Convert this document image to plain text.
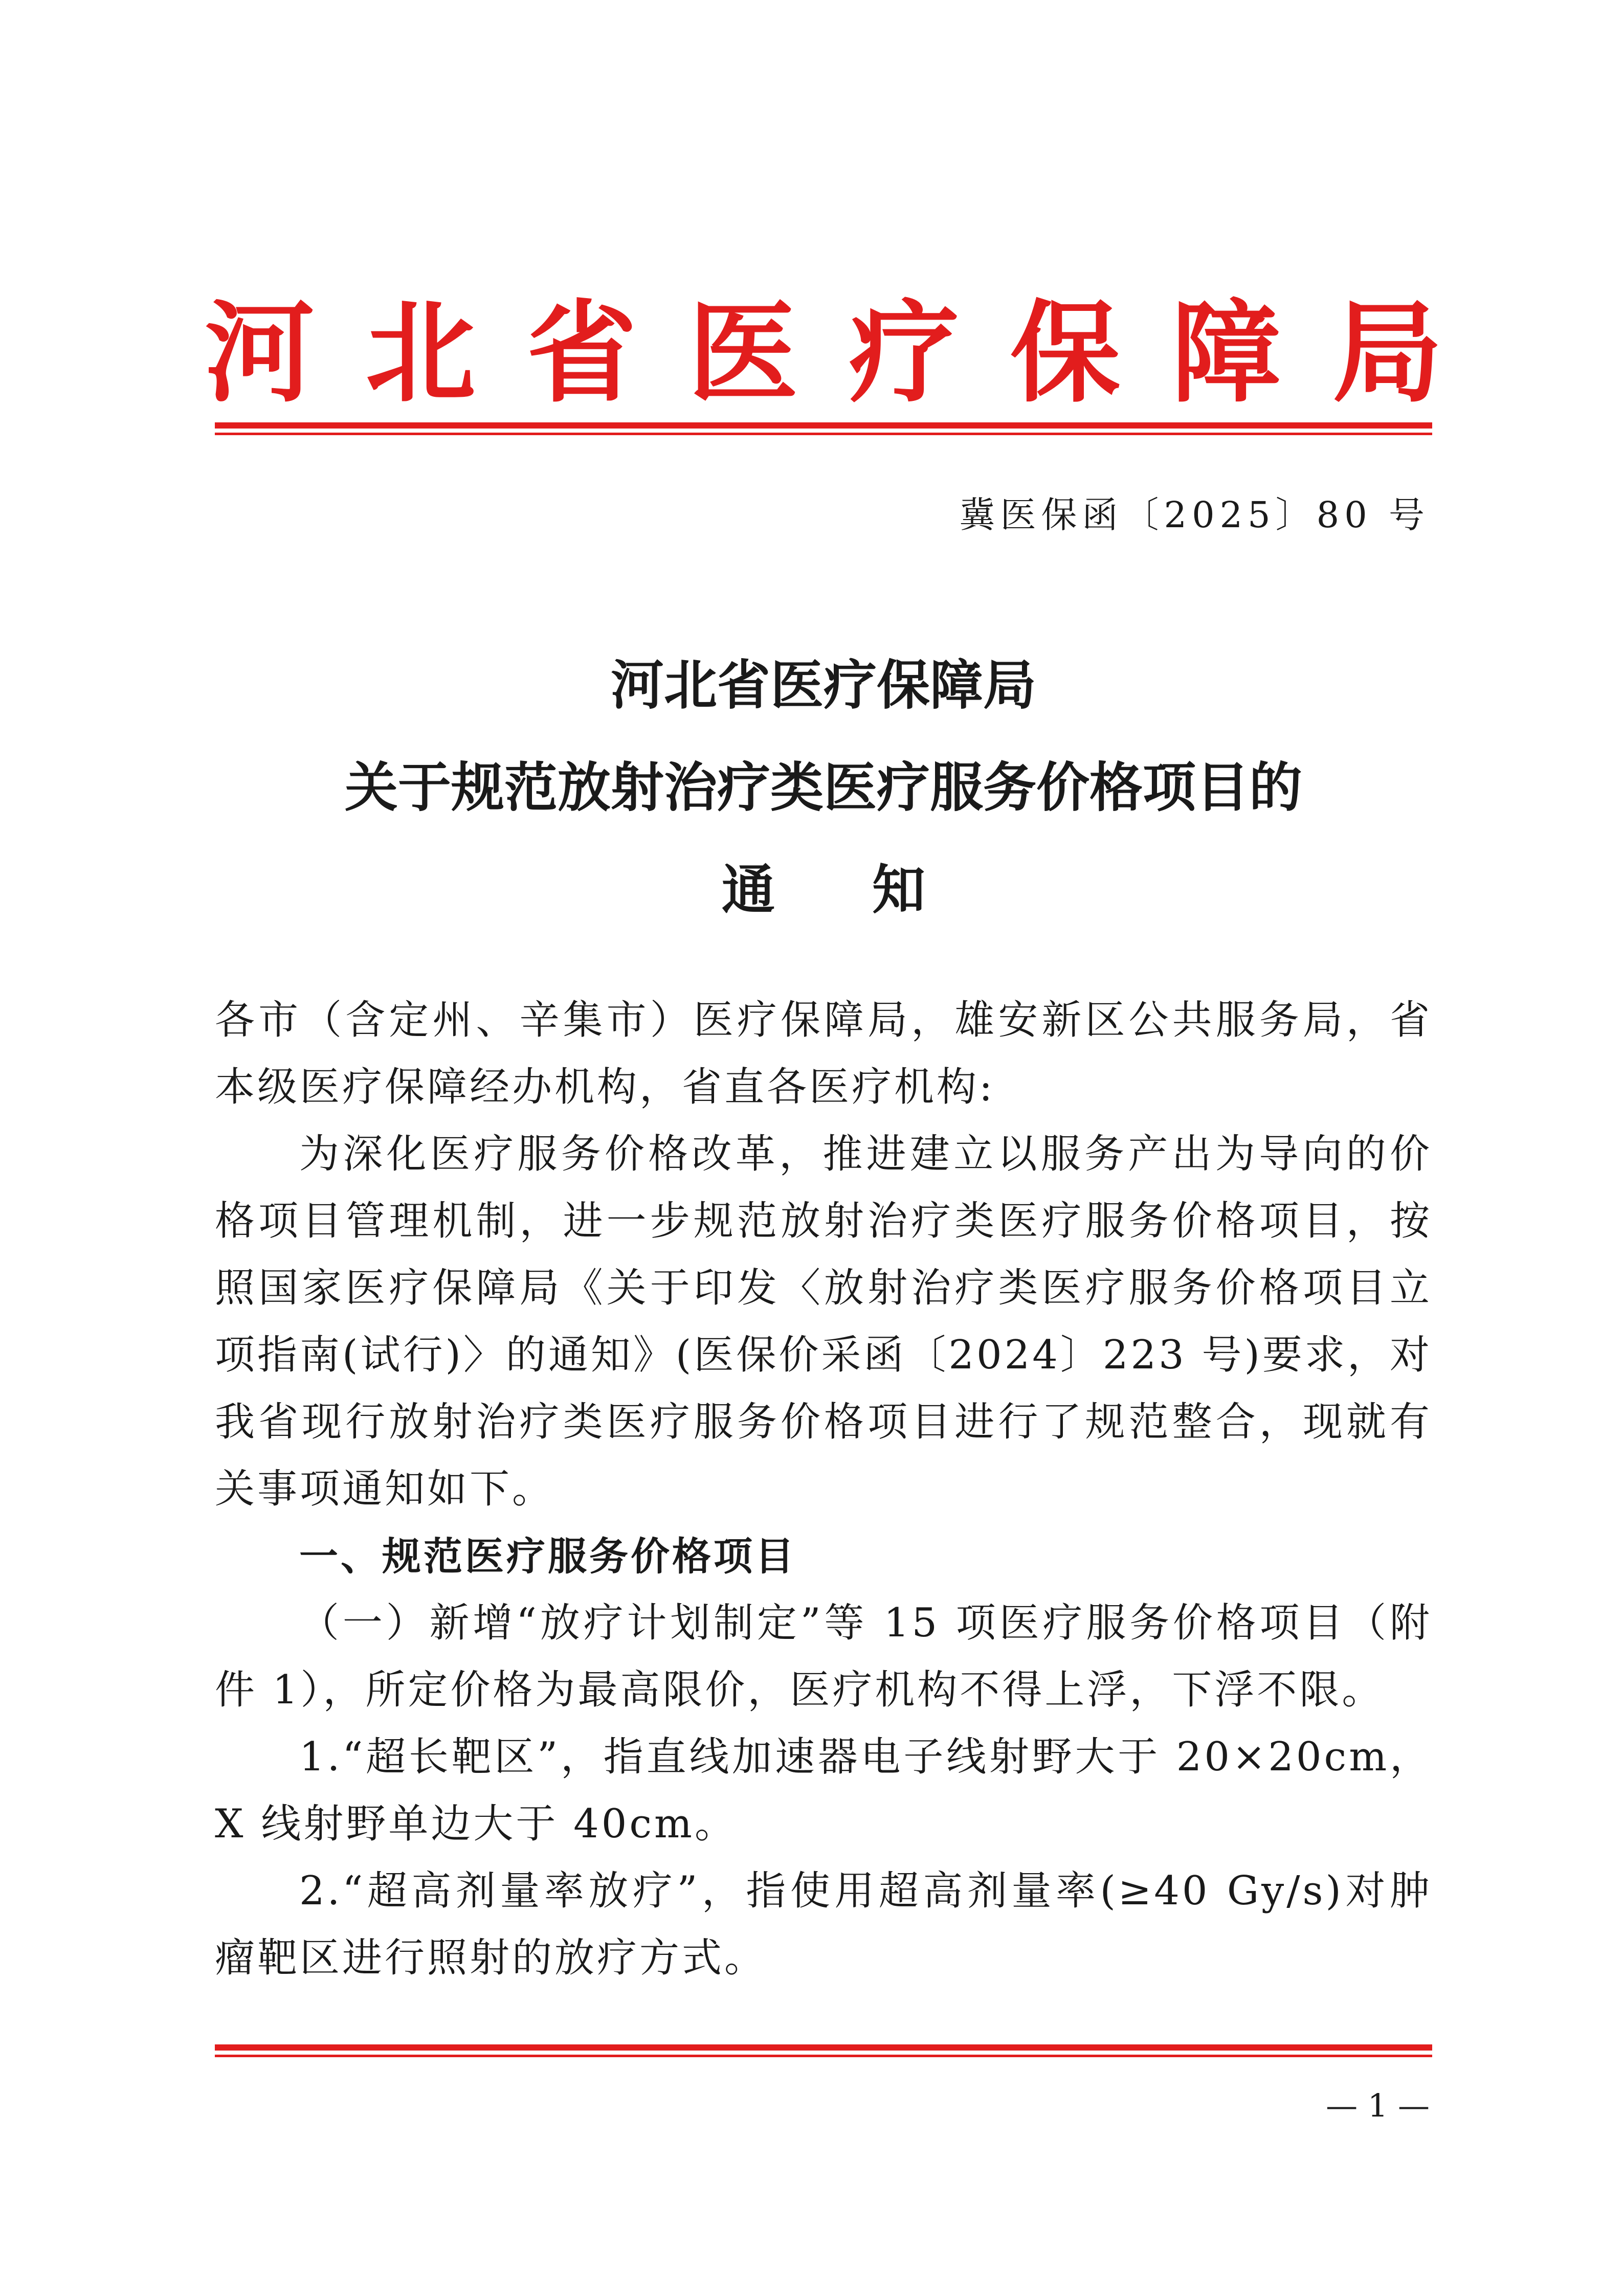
河 北 省 医 疗 保 障 局
冀医保函〔2025〕80 号
河北省医疗保障局
关于规范放射治疗类医疗服务价格项目的
通知

各市（含定州、辛集市）医疗保障局，雄安新区公共服务局，省本级医疗保障经办机构，省直各医疗机构:

为深化医疗服务价格改革，推进建立以服务产出为导向的价格项目管理机制，进一步规范放射治疗类医疗服务价格项目，按照国家医疗保障局《关于印发〈放射治疗类医疗服务价格项目立项指南(试行)〉的通知》(医保价采函〔2024〕223 号)要求，对我省现行放射治疗类医疗服务价格项目进行了规范整合，现就有关事项通知如下。

一、规范医疗服务价格项目

（一）新增“放疗计划制定”等 15 项医疗服务价格项目（附件 1），所定价格为最高限价，医疗机构不得上浮，下浮不限。

1.“超长靶区”，指直线加速器电子线射野大于 20×20cm，X 线射野单边大于 40cm。

2.“超高剂量率放疗”，指使用超高剂量率(≥40 Gy/s)对肿瘤靶区进行照射的放疗方式。

— 1 —
